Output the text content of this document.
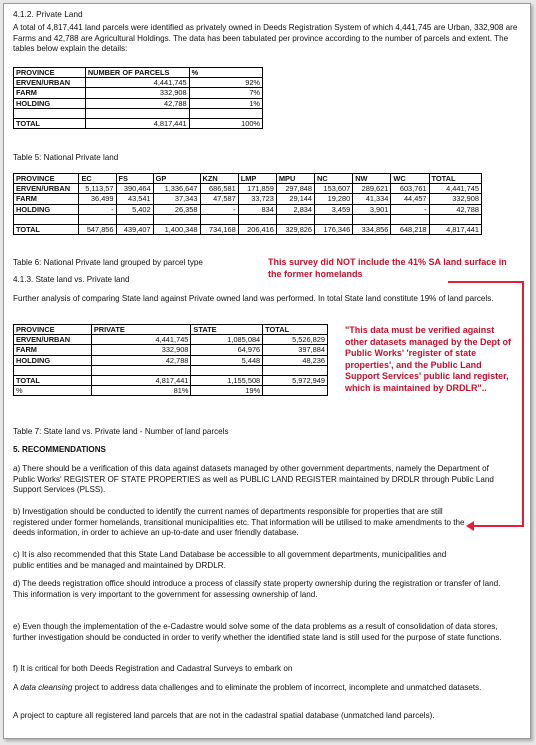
4.1.2. Private Land
A total of 4,817,441 land parcels were identified as privately owned in Deeds Registration System of which 4,441,745 are Urban, 332,908 are Farms and 42,788 are Agricultural Holdings. The data has been tabulated per province according to the number of parcels and extent. The tables below explain the details:
PROVINCE	NUMBER OF PARCELS	%
ERVEN/URBAN	4,441,745	92%
FARM	332,908	7%
HOLDING	42,788	1%

TOTAL	4,817,441	100%
Table 5: National Private land
PROVINCE	EC	FS	GP	KZN	LMP	MPU	NC	NW	WC	TOTAL
ERVEN/URBAN	5,113,57	390,464	1,336,647	686,581	171,859	297,848	153,607	289,621	603,761	4,441,745
FARM	36,499	43,541	37,343	47,587	33,723	29,144	19,280	41,334	44,457	332,908
HOLDING	-	5,402	26,358	-	834	2,834	3,459	3,901	-	42,788

TOTAL	547,856	439,407	1,400,348	734,168	206,416	329,826	176,346	334,856	648,218	4,817,441
Table 6: National Private land grouped by parcel type
4.1.3. State land vs. Private land
Further analysis of comparing State land against Private owned land was performed. In total State land constitute 19% of land parcels.
PROVINCE	PRIVATE	STATE	TOTAL
ERVEN/URBAN	4,441,745	1,085,084	5,526,829
FARM	332,908	64,976	397,884
HOLDING	42,788	5,448	48,236

TOTAL	4,817,441	1,155,508	5,972,949
%	81%	19%	
Table 7: State land vs. Private land - Number of land parcels
This survey did NOT include the 41% SA land surface in the former homelands
"This data must be verified against other datasets managed by the Dept of Public Works' 'register of state properties', and the Public Land Support Services' public land register, which is maintained by DRDLR"..
5. RECOMMENDATIONS
a) There should be a verification of this data against datasets managed by other government departments, namely the Department of Public Works' REGISTER OF STATE PROPERTIES as well as PUBLIC LAND REGISTER maintained by DRDLR through Public Land Support Services (PLSS).
b) Investigation should be conducted to identify the current names of departments responsible for properties that are still registered under former homelands, transitional municipalities etc. That information will be utilised to make amendments to the deeds information, in order to achieve an up-to-date and user friendly database.
c) It is also recommended that this State Land Database be accessible to all government departments, municipalities and public entities and be managed and maintained by DRDLR.
d) The deeds registration office should introduce a process of classify state property ownership during the registration or transfer of land. This information is very important to the government for assessing ownership of land.
e) Even though the implementation of the e-Cadastre would solve some of the data problems as a result of consolidation of data stores, further investigation should be conducted in order to verify whether the identified state land is still used for the purpose of state functions.
f) It is critical for both Deeds Registration and Cadastral Surveys to embark on
A data cleansing project to address data challenges and to eliminate the problem of incorrect, incomplete and unmatched datasets.
A project to capture all registered land parcels that are not in the cadastral spatial database (unmatched land parcels).
